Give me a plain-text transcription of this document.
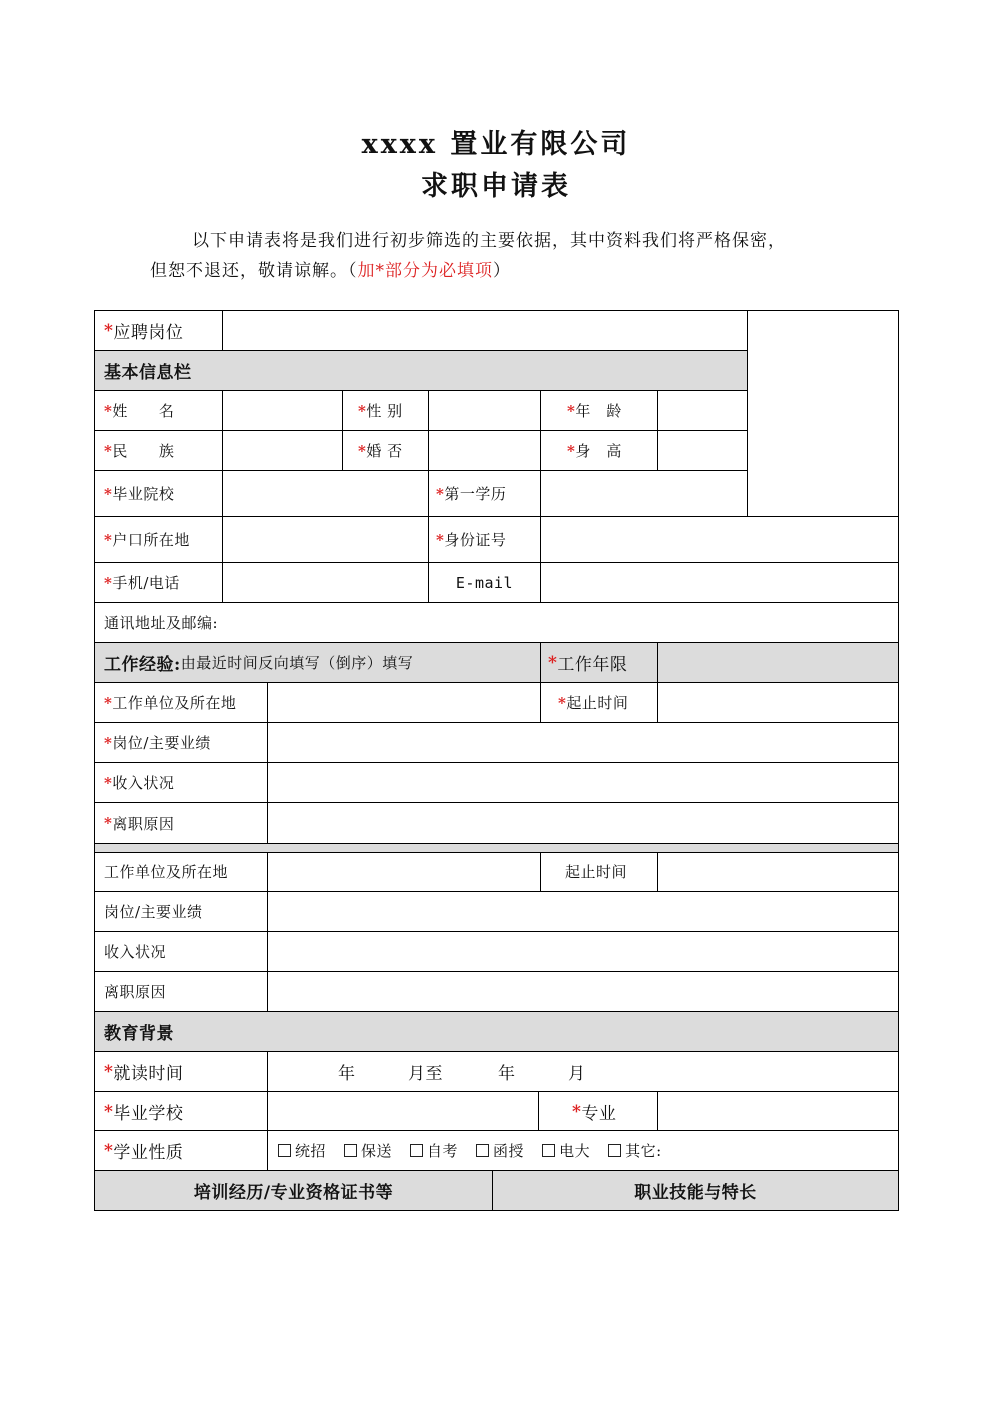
xxxx 置业有限公司
求职申请表
以下申请表将是我们进行初步筛选的主要依据，其中资料我们将严格保密，
但恕不退还，敬请谅解。（加*部分为必填项）
* 应聘岗位
基本信息栏
* 姓　　名	* 性 别	* 年　龄
* 民　　族	* 婚 否	* 身　高
* 毕业院校	* 第一学历
* 户口所在地	* 身份证号
* 手机/电话	E-mail
通讯地址及邮编:
工作经验: 由最近时间反向填写（倒序）填写	* 工作年限
* 工作单位及所在地	* 起止时间
* 岗位/主要业绩
* 收入状况
* 离职原因
工作单位及所在地	起止时间
岗位/主要业绩
收入状况
离职原因
教育背景
* 就读时间	年	月至	年	月
* 毕业学校	* 专业
* 学业性质	统招 保送 自考 函授 电大 其它:
培训经历/专业资格证书等	职业技能与特长
